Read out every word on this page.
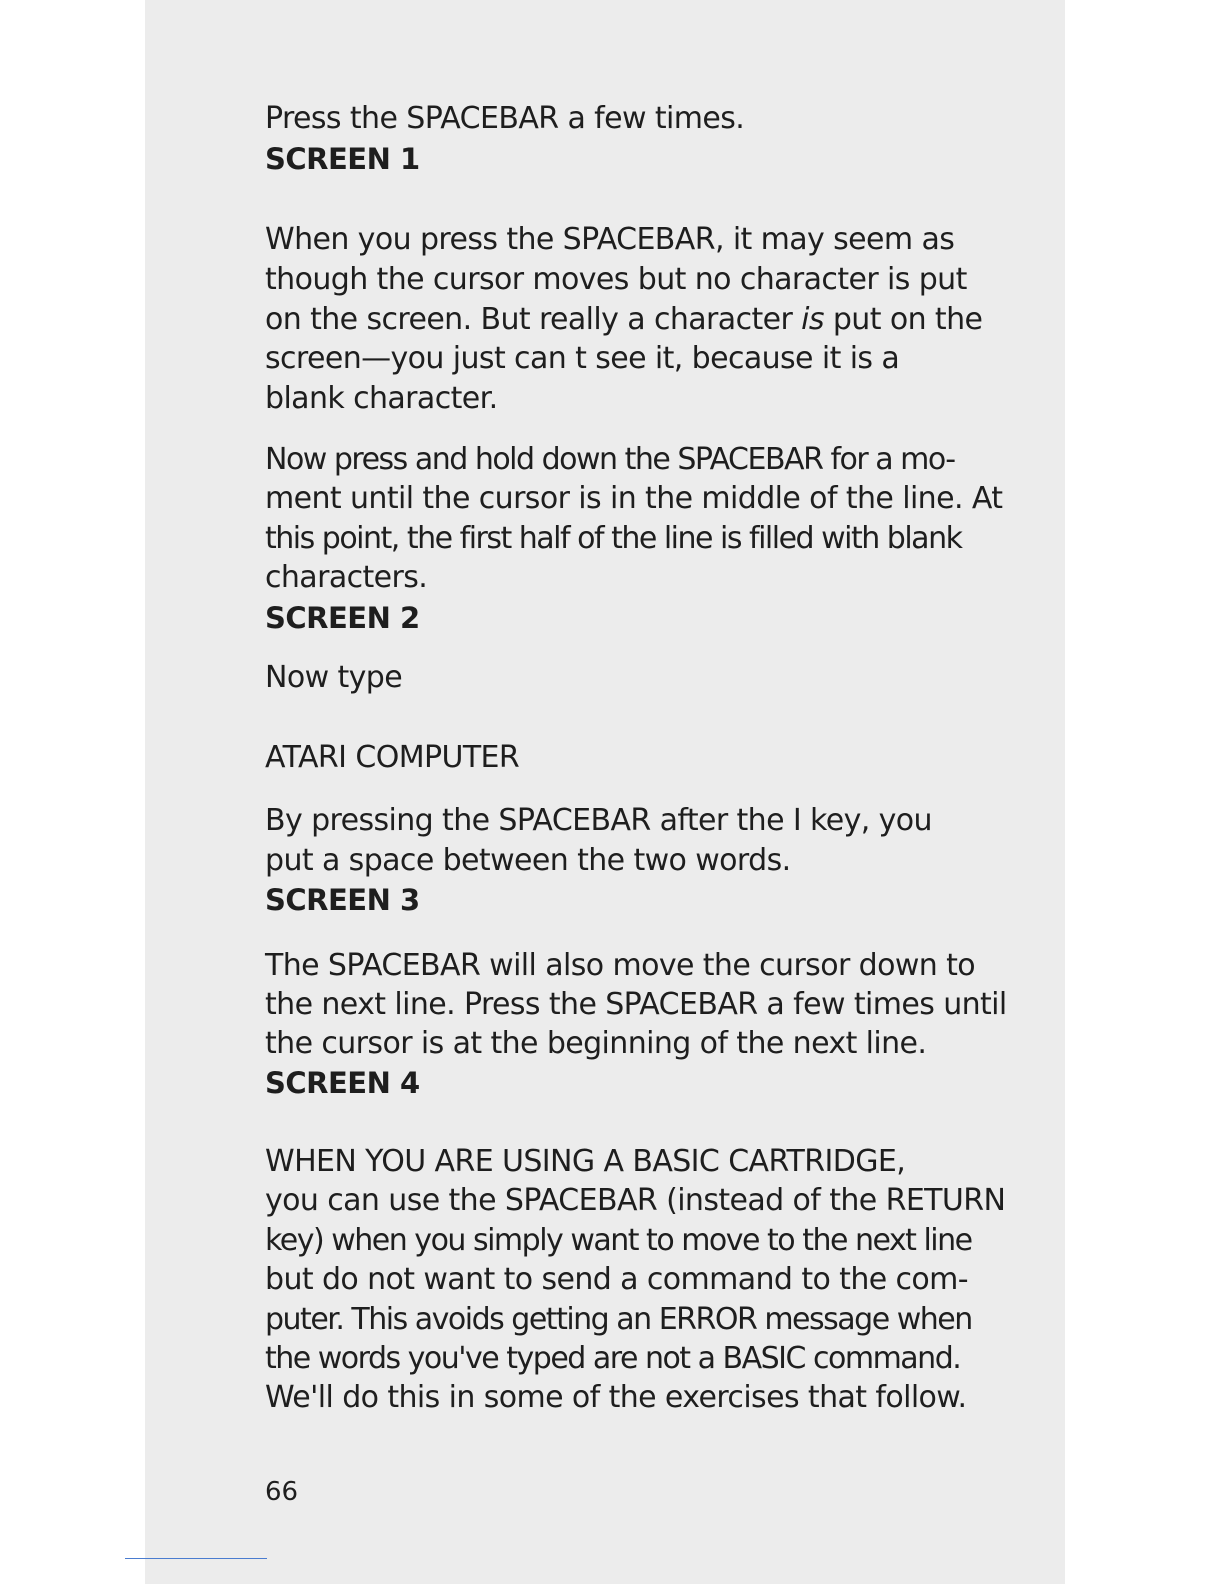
Press the SPACEBAR a few times.
SCREEN 1
When you press the SPACEBAR, it may seem as
though the cursor moves but no character is put
on the screen. But really a character is put on the
screen—you just can t see it, because it is a
blank character.
Now press and hold down the SPACEBAR for a mo-
ment until the cursor is in the middle of the line. At
this point, the first half of the line is filled with blank
characters.
SCREEN 2
Now type
ATARI COMPUTER
By pressing the SPACEBAR after the I key, you
put a space between the two words.
SCREEN 3
The SPACEBAR will also move the cursor down to
the next line. Press the SPACEBAR a few times until
the cursor is at the beginning of the next line.
SCREEN 4
WHEN YOU ARE USING A BASIC CARTRIDGE,
you can use the SPACEBAR (instead of the RETURN
key) when you simply want to move to the next line
but do not want to send a command to the com-
puter. This avoids getting an ERROR message when
the words you've typed are not a BASIC command.
We'll do this in some of the exercises that follow.
66
